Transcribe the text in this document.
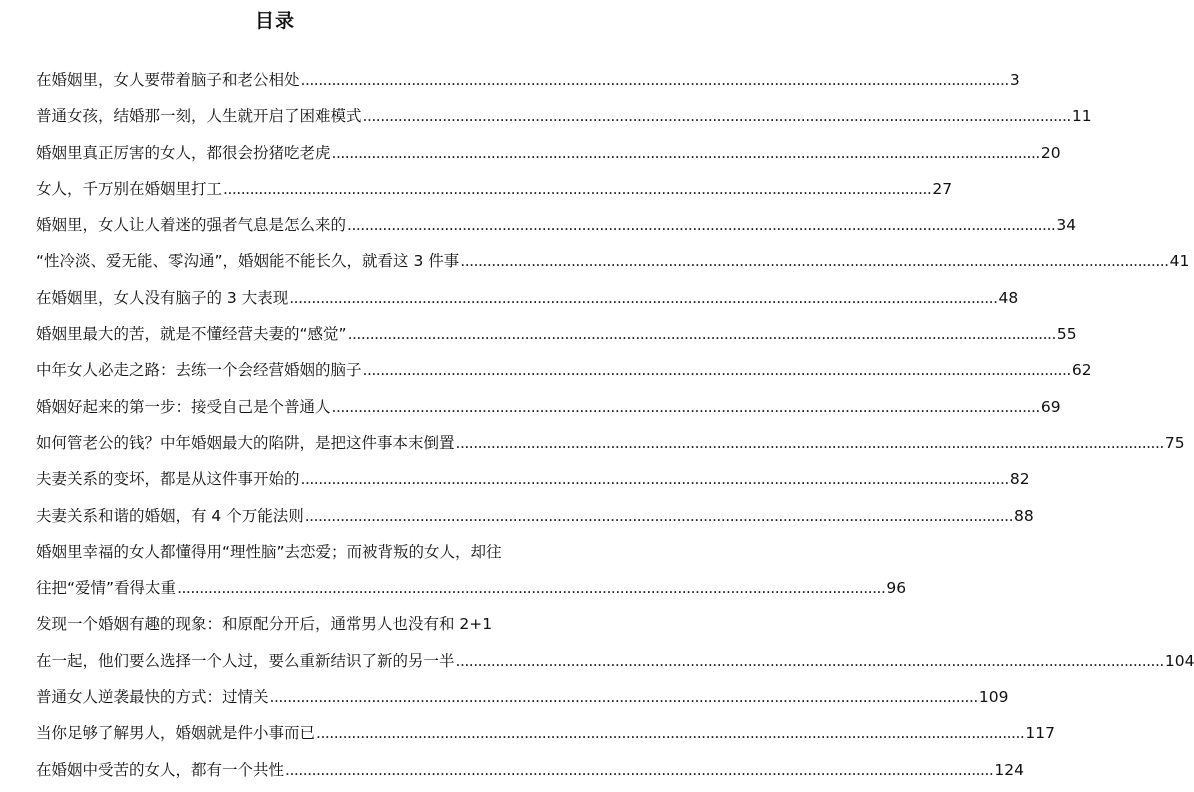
目录
在婚姻里，女人要带着脑子和老公相处 .....	3
普通女孩，结婚那一刻，人生就开启了困难模式 .....	11
婚姻里真正厉害的女人，都很会扮猪吃老虎 .....	20
女人，千万别在婚姻里打工 .....	27
婚姻里，女人让人着迷的强者气息是怎么来的 .....	34
“性冷淡、爱无能、零沟通”，婚姻能不能长久，就看这 3 件事 .....	41
在婚姻里，女人没有脑子的 3 大表现 .....	48
婚姻里最大的苦，就是不懂经营夫妻的“感觉” .....	55
中年女人必走之路：去练一个会经营婚姻的脑子 .....	62
婚姻好起来的第一步：接受自己是个普通人 .....	69
如何管老公的钱？中年婚姻最大的陷阱，是把这件事本末倒置 .....	75
夫妻关系的变坏，都是从这件事开始的 .....	82
夫妻关系和谐的婚姻，有 4 个万能法则 .....	88
婚姻里幸福的女人都懂得用“理性脑”去恋爱；而被背叛的女人，却往
往把“爱情”看得太重 .....	96
发现一个婚姻有趣的现象：和原配分开后，通常男人也没有和 2+1
在一起，他们要么选择一个人过，要么重新结识了新的另一半 .....	104
普通女人逆袭最快的方式：过情关 .....	109
当你足够了解男人，婚姻就是件小事而已 .....	117
在婚姻中受苦的女人，都有一个共性 .....	124
